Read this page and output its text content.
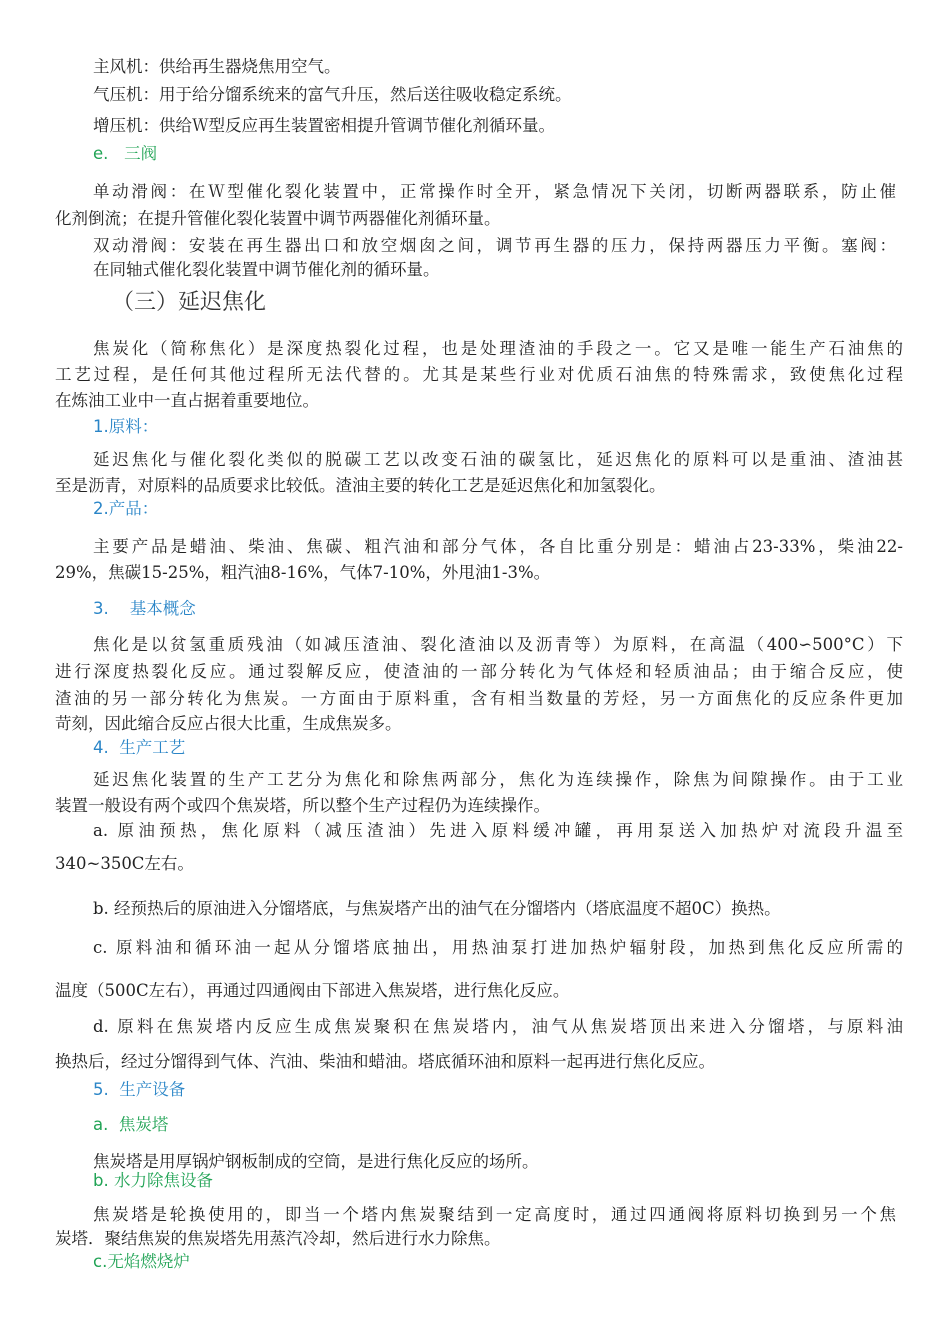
主风机：供给再生器烧焦用空气。
气压机：用于给分馏系统来的富气升压，然后送往吸收稳定系统。
增压机：供给Ｗ型反应再生装置密相提升管调节催化剂循环量。
e. 三阀
单动滑阀：在Ｗ型催化裂化装置中，正常操作时全开，紧急情况下关闭，切断两器联系，防止催
化剂倒流；在提升管催化裂化装置中调节两器催化剂循环量。
双动滑阀：安装在再生器出口和放空烟囱之间，调节再生器的压力，保持两器压力平衡。塞阀：
在同轴式催化裂化装置中调节催化剂的循环量。
（三）延迟焦化
焦炭化（简称焦化）是深度热裂化过程，也是处理渣油的手段之一。它又是唯一能生产石油焦的
工艺过程，是任何其他过程所无法代替的。尤其是某些行业对优质石油焦的特殊需求，致使焦化过程
在炼油工业中一直占据着重要地位。
1.原料：
延迟焦化与催化裂化类似的脱碳工艺以改变石油的碳氢比，延迟焦化的原料可以是重油、渣油甚
至是沥青，对原料的品质要求比较低。渣油主要的转化工艺是延迟焦化和加氢裂化。
2.产品：
主要产品是蜡油、柴油、焦碳、粗汽油和部分气体，各自比重分别是：蜡油占23-33%，柴油22-
29%，焦碳15-25%，粗汽油8-16%，气体7-10%，外甩油1-3%。
3. 基本概念
焦化是以贫氢重质残油（如减压渣油、裂化渣油以及沥青等）为原料，在高温（400∽500°C）下
进行深度热裂化反应。通过裂解反应，使渣油的一部分转化为气体烃和轻质油品；由于缩合反应，使
渣油的另一部分转化为焦炭。一方面由于原料重，含有相当数量的芳烃，另一方面焦化的反应条件更加
苛刻，因此缩合反应占很大比重，生成焦炭多。
4. 生产工艺
延迟焦化装置的生产工艺分为焦化和除焦两部分，焦化为连续操作，除焦为间隙操作。由于工业
装置一般设有两个或四个焦炭塔，所以整个生产过程仍为连续操作。
a. 原油预热，焦化原料（减压渣油）先进入原料缓冲罐，再用泵送入加热炉对流段升温至
340~350C左右。
b. 经预热后的原油进入分馏塔底，与焦炭塔产出的油气在分馏塔内（塔底温度不超0C）换热。
c. 原料油和循环油一起从分馏塔底抽出，用热油泵打进加热炉辐射段，加热到焦化反应所需的
温度（500C左右），再通过四通阀由下部进入焦炭塔，进行焦化反应。
d. 原料在焦炭塔内反应生成焦炭聚积在焦炭塔内，油气从焦炭塔顶出来进入分馏塔，与原料油
换热后，经过分馏得到气体、汽油、柴油和蜡油。塔底循环油和原料一起再进行焦化反应。
5. 生产设备
a. 焦炭塔
焦炭塔是用厚锅炉钢板制成的空筒，是进行焦化反应的场所。
b. 水力除焦设备
焦炭塔是轮换使用的，即当一个塔内焦炭聚结到一定高度时，通过四通阀将原料切换到另一个焦
炭塔．聚结焦炭的焦炭塔先用蒸汽冷却，然后进行水力除焦。
c.无焰燃烧炉
